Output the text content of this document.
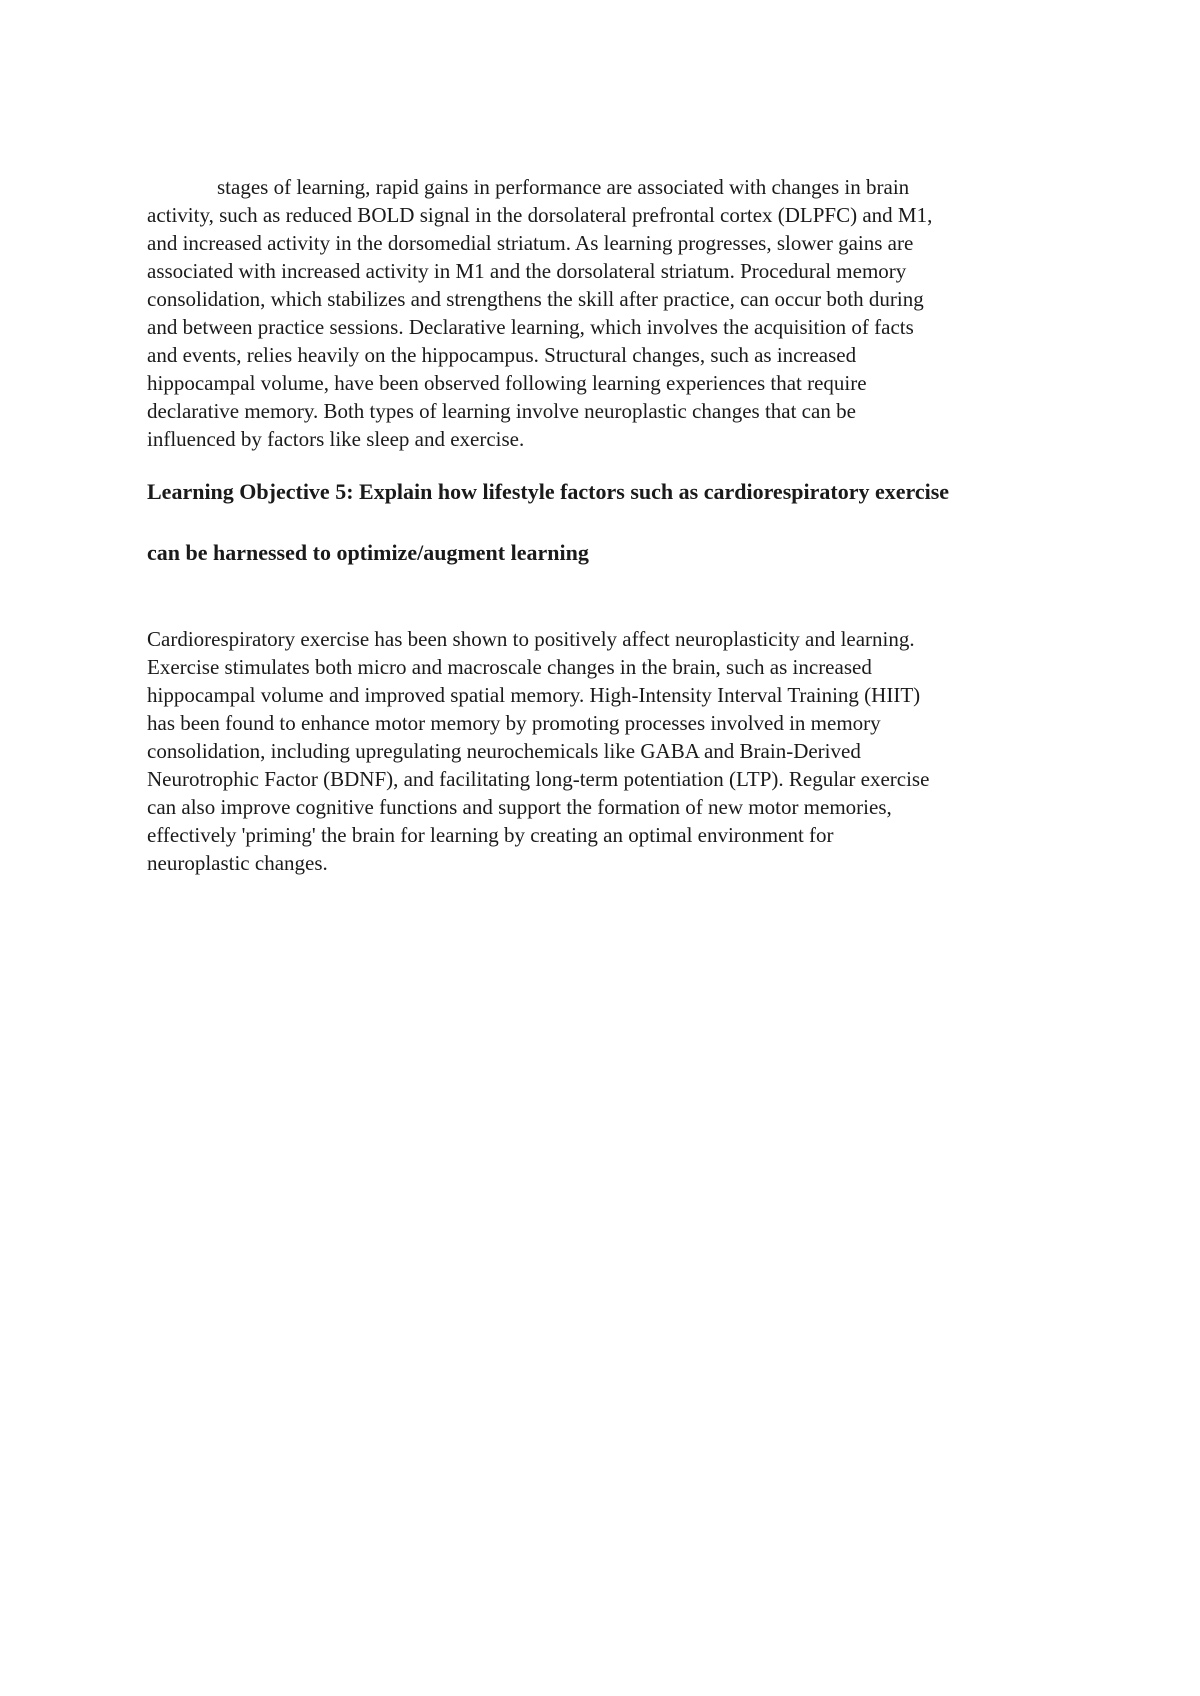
stages of learning, rapid gains in performance are associated with changes in brain
activity, such as reduced BOLD signal in the dorsolateral prefrontal cortex (DLPFC) and M1,
and increased activity in the dorsomedial striatum. As learning progresses, slower gains are
associated with increased activity in M1 and the dorsolateral striatum. Procedural memory
consolidation, which stabilizes and strengthens the skill after practice, can occur both during
and between practice sessions. Declarative learning, which involves the acquisition of facts
and events, relies heavily on the hippocampus. Structural changes, such as increased
hippocampal volume, have been observed following learning experiences that require
declarative memory. Both types of learning involve neuroplastic changes that can be
influenced by factors like sleep and exercise.
Learning Objective 5: Explain how lifestyle factors such as cardiorespiratory exercise
can be harnessed to optimize/augment learning
Cardiorespiratory exercise has been shown to positively affect neuroplasticity and learning.
Exercise stimulates both micro and macroscale changes in the brain, such as increased
hippocampal volume and improved spatial memory. High-Intensity Interval Training (HIIT)
has been found to enhance motor memory by promoting processes involved in memory
consolidation, including upregulating neurochemicals like GABA and Brain-Derived
Neurotrophic Factor (BDNF), and facilitating long-term potentiation (LTP). Regular exercise
can also improve cognitive functions and support the formation of new motor memories,
effectively 'priming' the brain for learning by creating an optimal environment for
neuroplastic changes.
